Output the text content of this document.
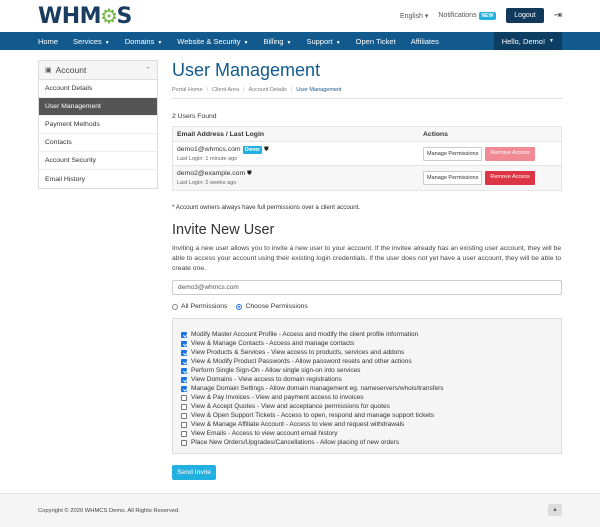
WHM ⚙ S	English ▾ Notifications NEW	Logout	⇥
Home Services ▼ Domains ▼ Website & Security ▼ Billing ▼ Support ▼ Open Ticket Affiliates	Hello, Demo! ▼
▣ Account	⌃
Account Details
User Management
Payment Methods
Contacts
Account Security
Email History
User Management
Portal Home / Client Area / Account Details / User Management
2 Users Found
Email Address / Last Login	Actions
demo1@whmcs.com Owner ⛊
Last Login: 1 minute ago
Manage Permissions	Remove Access
demo2@example.com ⛊
Last Login: 2 weeks ago
Manage Permissions	Remove Access
* Account owners always have full permissions over a client account.
Invite New User
Inviting a new user allows you to invite a new user to your account. If the invitee already has an existing user account, they will be able to access your account using their existing login credentials. If the user does not yet have a user account, they will be able to create one.
demo3@whmcs.com
All Permissions	Choose Permissions
Modify Master Account Profile - Access and modify the client profile information
View & Manage Contacts - Access and manage contacts
View Products & Services - View access to products, services and addons
View & Modify Product Passwords - Allow password resets and other actions
Perform Single Sign-On - Allow single sign-on into services
View Domains - View access to domain registrations
Manage Domain Settings - Allow domain management eg. nameservers/whois/transfers
View & Pay Invoices - View and payment access to invoices
View & Accept Quotes - View and acceptance permissions for quotes
View & Open Support Tickets - Access to open, respond and manage support tickets
View & Manage Affiliate Account - Access to view and request withdrawals
View Emails - Access to view account email history
Place New Orders/Upgrades/Cancellations - Allow placing of new orders
Send Invite
Copyright © 2020 WHMCS Demo. All Rights Reserved.	▲
